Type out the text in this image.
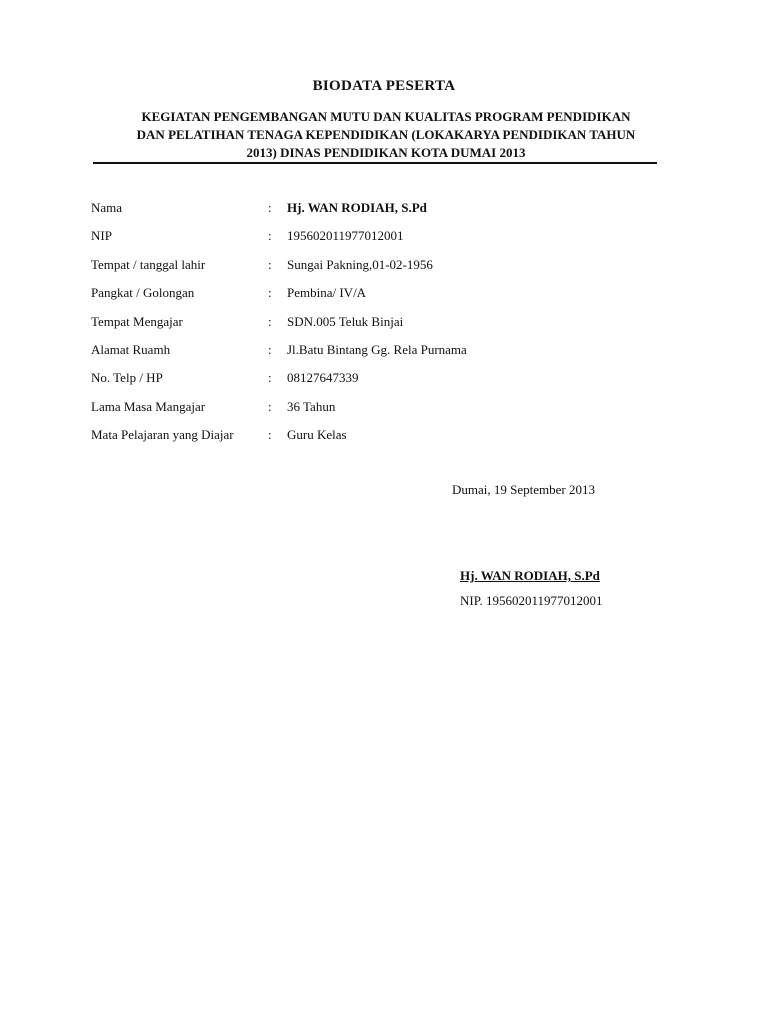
BIODATA PESERTA
KEGIATAN PENGEMBANGAN MUTU DAN KUALITAS PROGRAM PENDIDIKAN
DAN PELATIHAN TENAGA KEPENDIDIKAN (LOKAKARYA PENDIDIKAN TAHUN
2013) DINAS PENDIDIKAN KOTA DUMAI 2013
Nama	: Hj. WAN RODIAH, S.Pd
NIP	: 195602011977012001
Tempat / tanggal lahir	: Sungai Pakning,01-02-1956
Pangkat / Golongan	: Pembina/ IV/A
Tempat Mengajar	: SDN.005 Teluk Binjai
Alamat Ruamh	: Jl.Batu Bintang Gg. Rela Purnama
No. Telp / HP	: 08127647339
Lama Masa Mangajar	: 36 Tahun
Mata Pelajaran yang Diajar	: Guru Kelas
Dumai, 19 September 2013
Hj. WAN RODIAH, S.Pd
NIP. 195602011977012001
